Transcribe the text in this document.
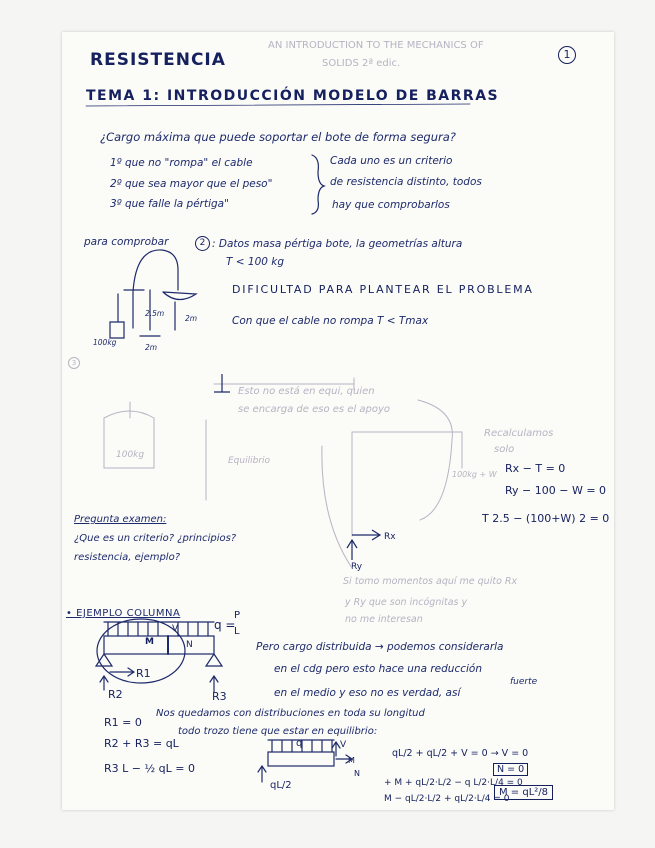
RESISTENCIA
AN INTRODUCTION TO THE MECHANICS OF
SOLIDS 2ª edic.
1
TEMA 1: INTRODUCCIÓN MODELO DE BARRAS
¿Cargo máxima que puede soportar el bote de forma segura?
1º que no "rompa" el cable
2º que sea mayor que el peso"
3º que falle la pértiga"
Cada uno es un criterio
de resistencia distinto, todos
hay que comprobarlos
para comprobar	2 : Datos masa pértiga bote, la geometrías altura
T < 100 kg
DIFICULTAD PARA PLANTEAR EL PROBLEMA
Con que el cable no rompa T < Tmax
100kg
2.5m
2m
2m
3
Esto no está en equi, quien
se encarga de eso es el apoyo
100kg
Equilibrio
100kg + W
Si tomo momentos aquí me quito Rx
y Ry que son incógnitas y
no me interesan
Rx
Ry
Recalculamos
solo
Rx − T = 0
Ry − 100 − W = 0
T 2.5 − (100+W) 2 = 0
Pregunta examen:
¿Que es un criterio? ¿principios?
resistencia, ejemplo?
• EJEMPLO COLUMNA
q =
P
L
M	N
V
R1
R2	R3
Pero cargo distribuida → podemos considerarla
en el cdg pero esto hace una reducción
fuerte
en el medio y eso no es verdad, así
Nos quedamos con distribuciones en toda su longitud
todo trozo tiene que estar en equilibrio:
R1 = 0
R2 + R3 = qL
R3 L − ½ qL = 0
q	V
M
N
qL/2
qL/2 + qL/2 + V = 0 → V = 0
N = 0
+ M + qL/2·L/2 − q L/2·L/4 = 0
M − qL/2·L/2 + qL/2·L/4 = 0
M = qL²/8
